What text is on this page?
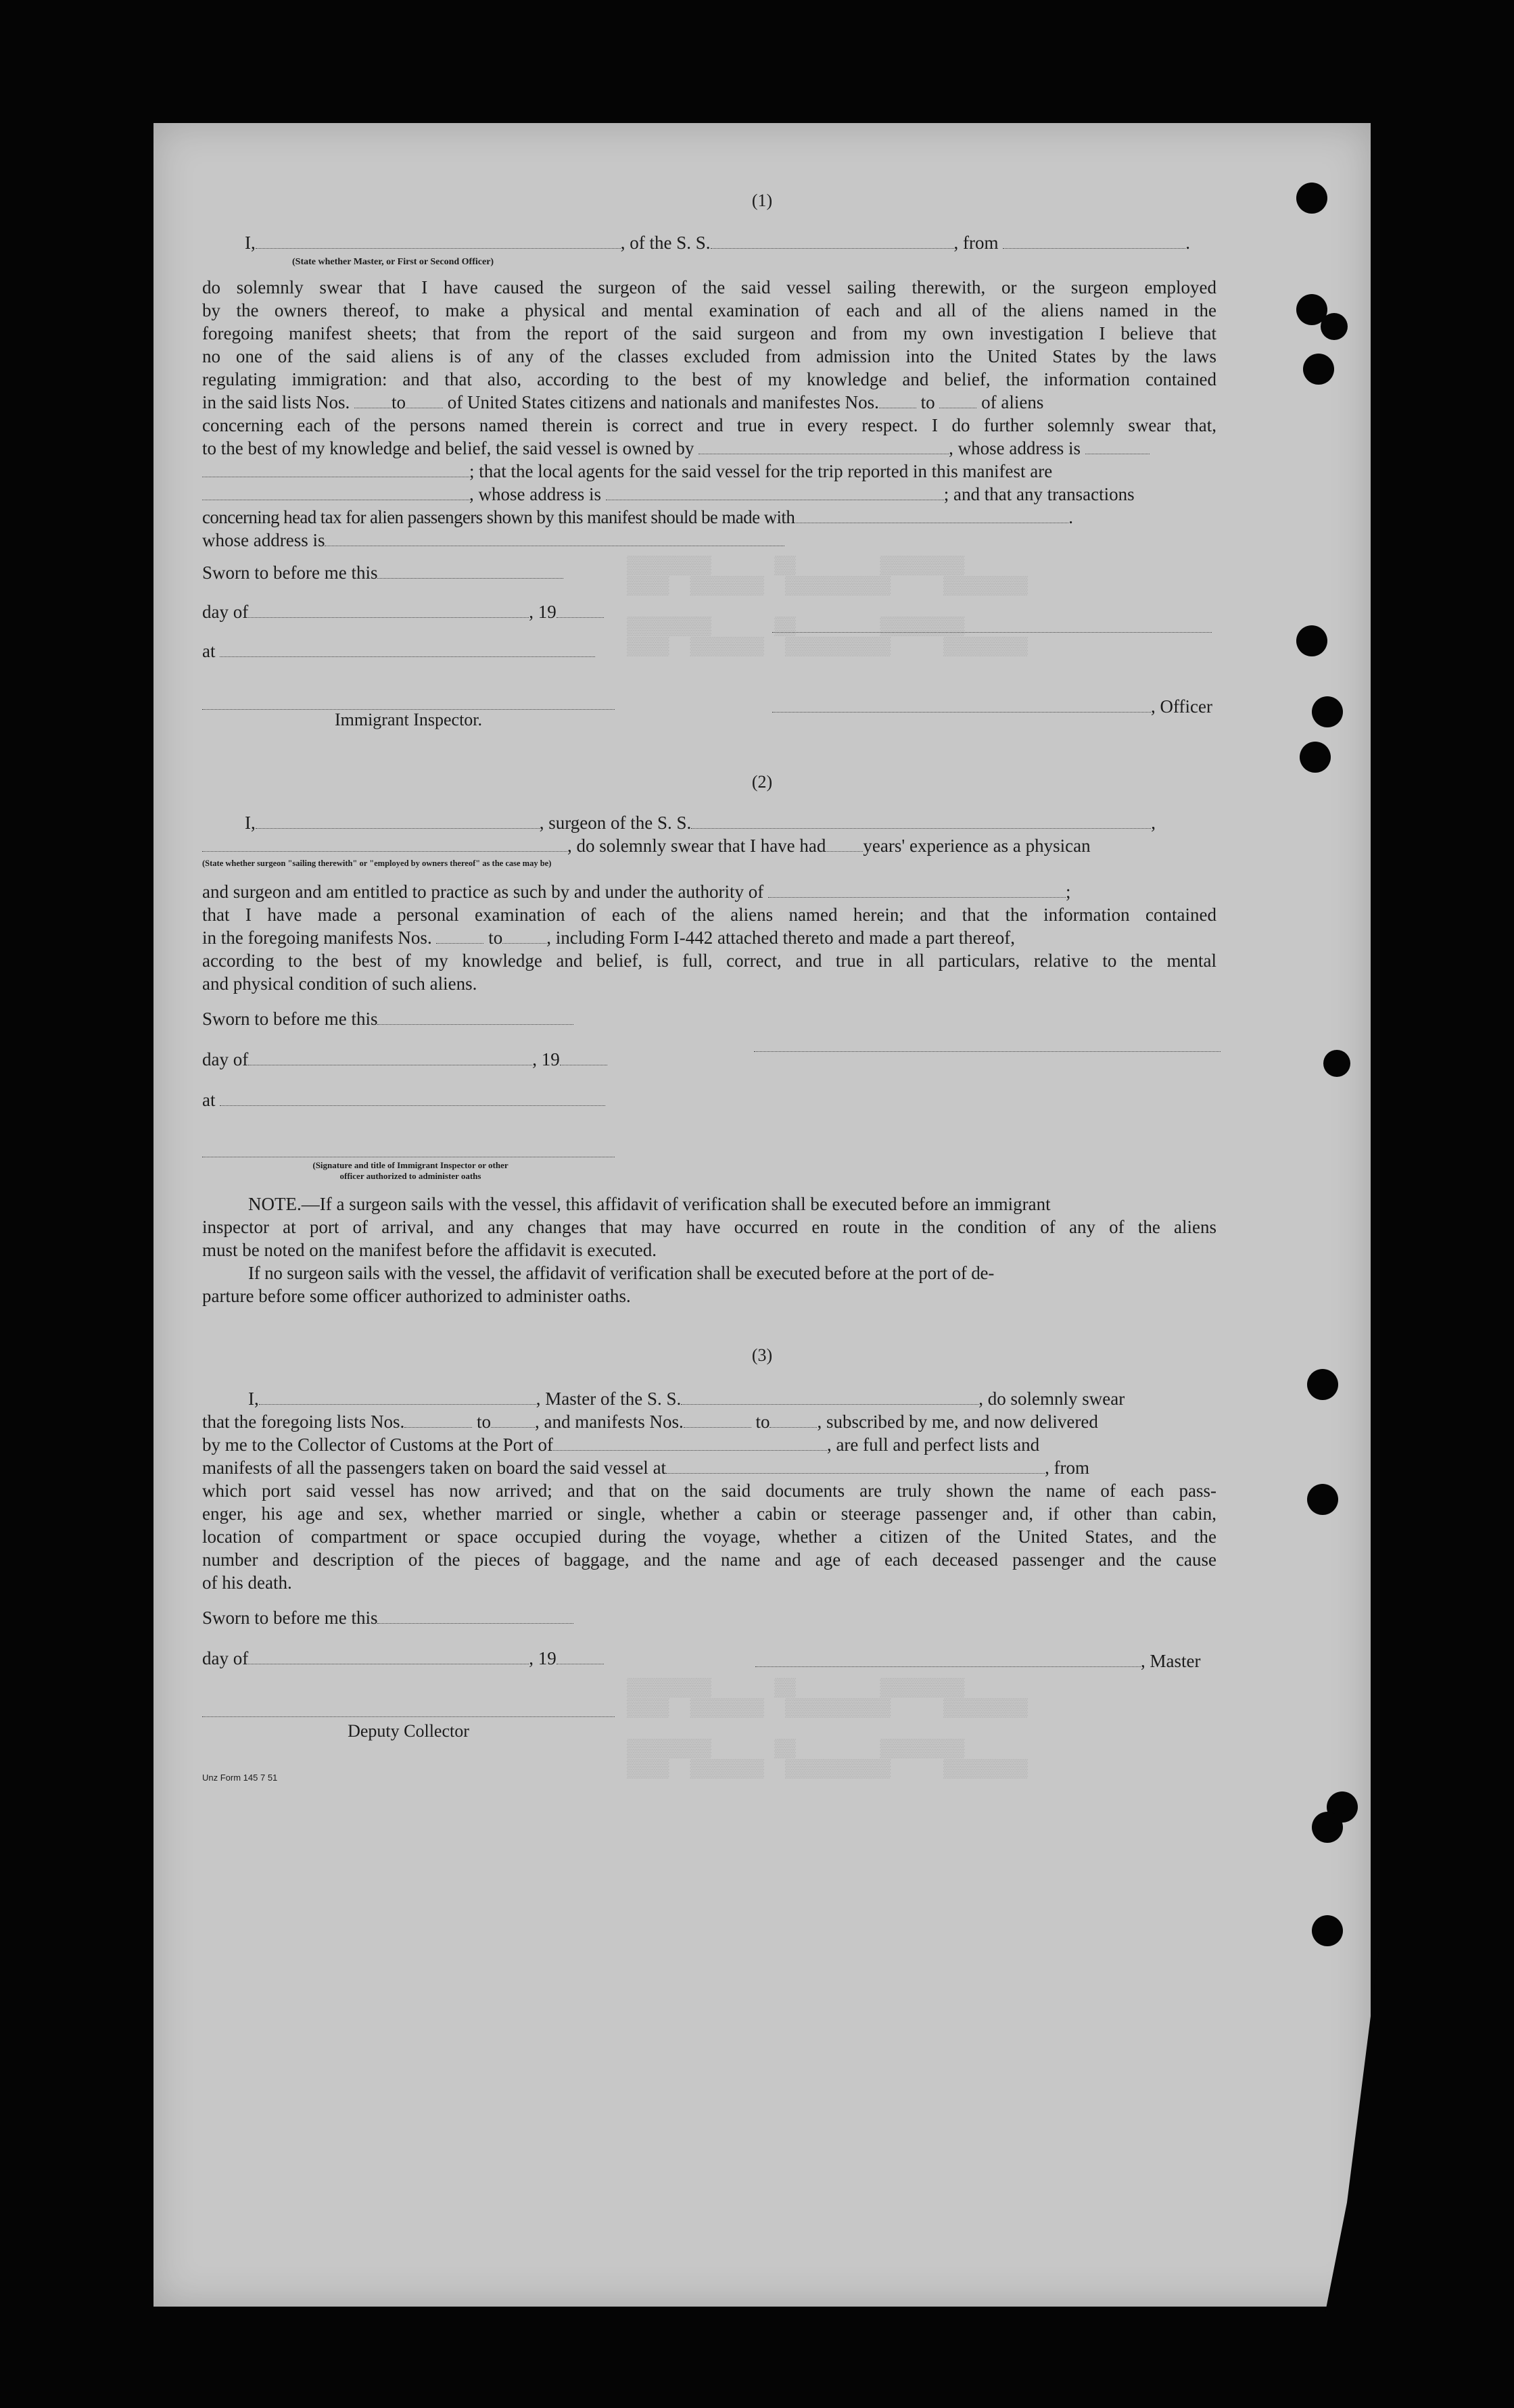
▒▒▒▒▒▒▒▒      ▒▒        ▒▒▒▒▒▒▒▒
▒▒▒▒  ▒▒▒▒▒▒▒  ▒▒▒▒▒▒▒▒▒▒     ▒▒▒▒▒▒▒▒

▒▒▒▒▒▒▒▒      ▒▒        ▒▒▒▒▒▒▒▒
▒▒▒▒  ▒▒▒▒▒▒▒  ▒▒▒▒▒▒▒▒▒▒     ▒▒▒▒▒▒▒▒
▒▒▒▒▒▒▒▒      ▒▒        ▒▒▒▒▒▒▒▒
▒▒▒▒  ▒▒▒▒▒▒▒  ▒▒▒▒▒▒▒▒▒▒     ▒▒▒▒▒▒▒▒

▒▒▒▒▒▒▒▒      ▒▒        ▒▒▒▒▒▒▒▒
▒▒▒▒  ▒▒▒▒▒▒▒  ▒▒▒▒▒▒▒▒▒▒     ▒▒▒▒▒▒▒▒
(1)
I,	, of the S. S.	, from	.
(State whether Master, or First or Second Officer)
do solemnly swear that I have caused the surgeon of the said vessel sailing therewith, or the surgeon employed
by the owners thereof, to make a physical and mental examination of each and all of the aliens named in the
foregoing manifest sheets; that from the report of the said surgeon and from my own investigation I believe that
no one of the said aliens is of any of the classes excluded from admission into the United States by the laws
regulating immigration: and that also, according to the best of my knowledge and belief, the information contained
in the said lists Nos. to of United States citizens and nationals and manifestes Nos. to	of aliens
concerning each of the persons named therein is correct and true in every respect. I do further solemnly swear that,
to the best of my knowledge and belief, the said vessel is owned by	, whose address is
; that the local agents for the said vessel for the trip reported in this manifest are
, whose address is	; and that any transactions
concerning head tax for alien passengers shown by this manifest should be made with	.
whose address is
Sworn to before me this
day of	, 19
at
, Officer
Immigrant Inspector.
(2)
I,	, surgeon of the S. S.	,
, do solemnly swear that I have had years' experience as a physican
(State whether surgeon "sailing therewith" or "employed by owners thereof" as the case may be)
and surgeon and am entitled to practice as such by and under the authority of	;
that I have made a personal examination of each of the aliens named herein; and that the information contained
in the foregoing manifests Nos.	to , including Form I-442 attached thereto and made a part thereof,
according to the best of my knowledge and belief, is full, correct, and true in all particulars, relative to the mental
and physical condition of such aliens.
Sworn to before me this
day of	, 19
at
(Signature and title of Immigrant Inspector or other
officer authorized to administer oaths
NOTE.—If a surgeon sails with the vessel, this affidavit of verification shall be executed before an immigrant
inspector at port of arrival, and any changes that may have occurred en route in the condition of any of the aliens
must be noted on the manifest before the affidavit is executed.
If no surgeon sails with the vessel, the affidavit of verification shall be executed before at the port of de-
parture before some officer authorized to administer oaths.
(3)
I,	, Master of the S. S.	, do solemnly swear
that the foregoing lists Nos.	to , and manifests Nos.	to	, subscribed by me, and now delivered
by me to the Collector of Customs at the Port of	, are full and perfect lists and
manifests of all the passengers taken on board the said vessel at	, from
which port said vessel has now arrived; and that on the said documents are truly shown the name of each pass-
enger, his age and sex, whether married or single, whether a cabin or steerage passenger and, if other than cabin,
location of compartment or space occupied during the voyage, whether a citizen of the United States, and the
number and description of the pieces of baggage, and the name and age of each deceased passenger and the cause
of his death.
Sworn to before me this
day of	, 19	, Master
Deputy Collector
Unz Form 145 7 51
